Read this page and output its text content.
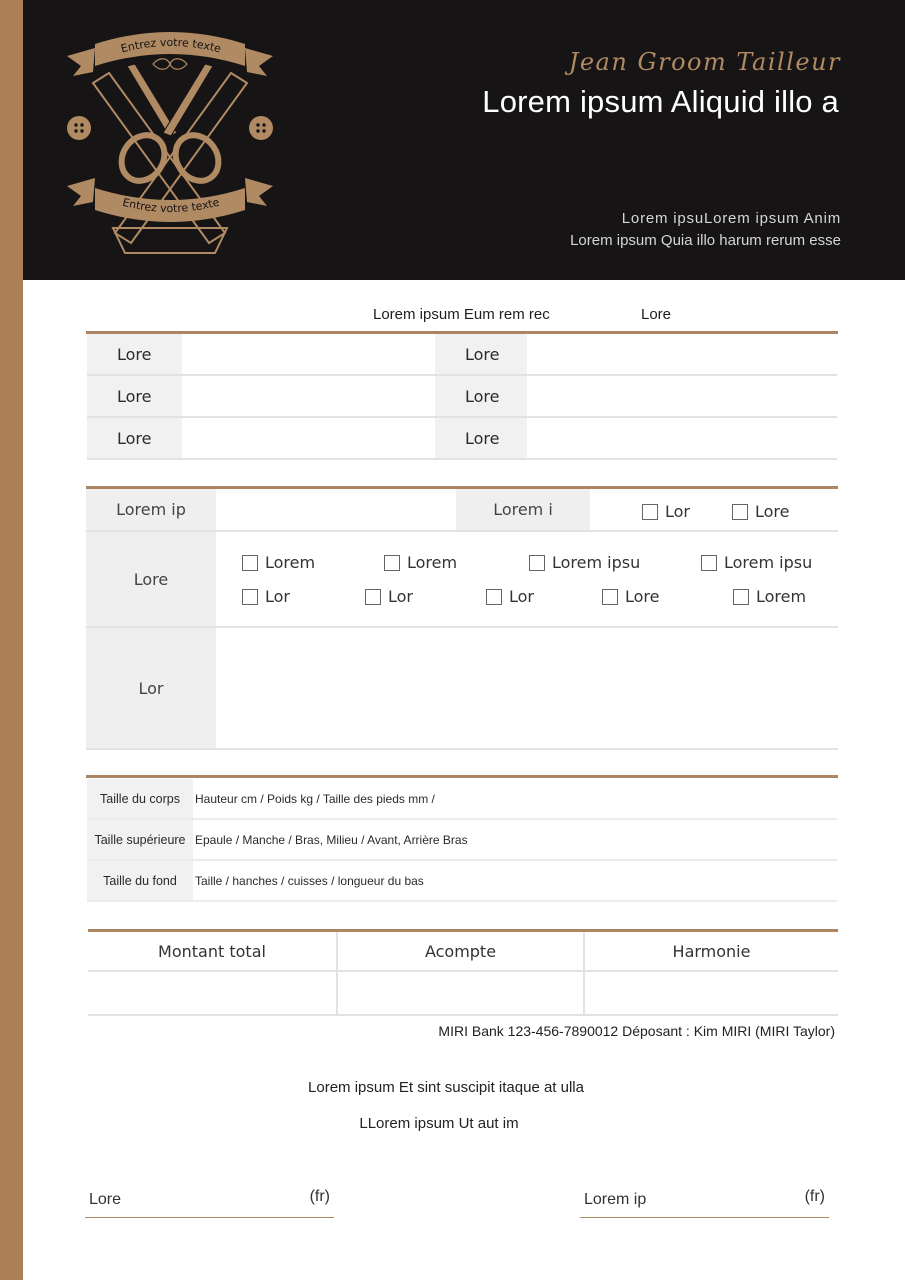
Entrez votre texte
Entrez votre texte
Jean Groom Tailleur
Lorem ipsum Aliquid illo a
Lorem ipsuLorem ipsum Anim
Lorem ipsum Quia illo harum rerum esse
Lorem ipsum Eum rem rec	Lore
Lore	Lore
Lore	Lore
Lore	Lore
Lorem ip	Lorem i	Lor	Lore
Lore
Lorem	Lorem	Lorem ipsu	Lorem ipsu
Lor	Lor	Lor	Lore	Lorem
Lor
Taille du corps	Hauteur cm / Poids kg / Taille des pieds mm /
Taille supérieure Epaule / Manche / Bras, Milieu / Avant, Arrière Bras
Taille du fond	Taille / hanches / cuisses / longueur du bas
Montant total	Acompte	Harmonie
MIRI Bank 123-456-7890012 Déposant : Kim MIRI (MIRI Taylor)
Lorem ipsum Et sint suscipit itaque at ulla
LLorem ipsum Ut aut im
Lore	(fr)	Lorem ip	(fr)
